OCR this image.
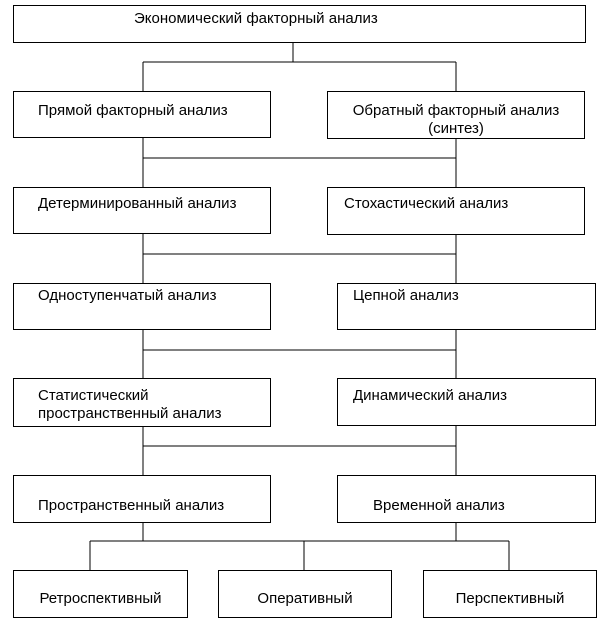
Экономический факторный анализ
Прямой факторный анализ	Обратный факторный анализ
(синтез)
Детерминированный анализ	Стохастический анализ
Одноступенчатый анализ	Цепной анализ
Статистический
пространственный анализ
Динамический анализ
Пространственный анализ	Временной анализ
Ретроспективный	Оперативный	Перспективный
